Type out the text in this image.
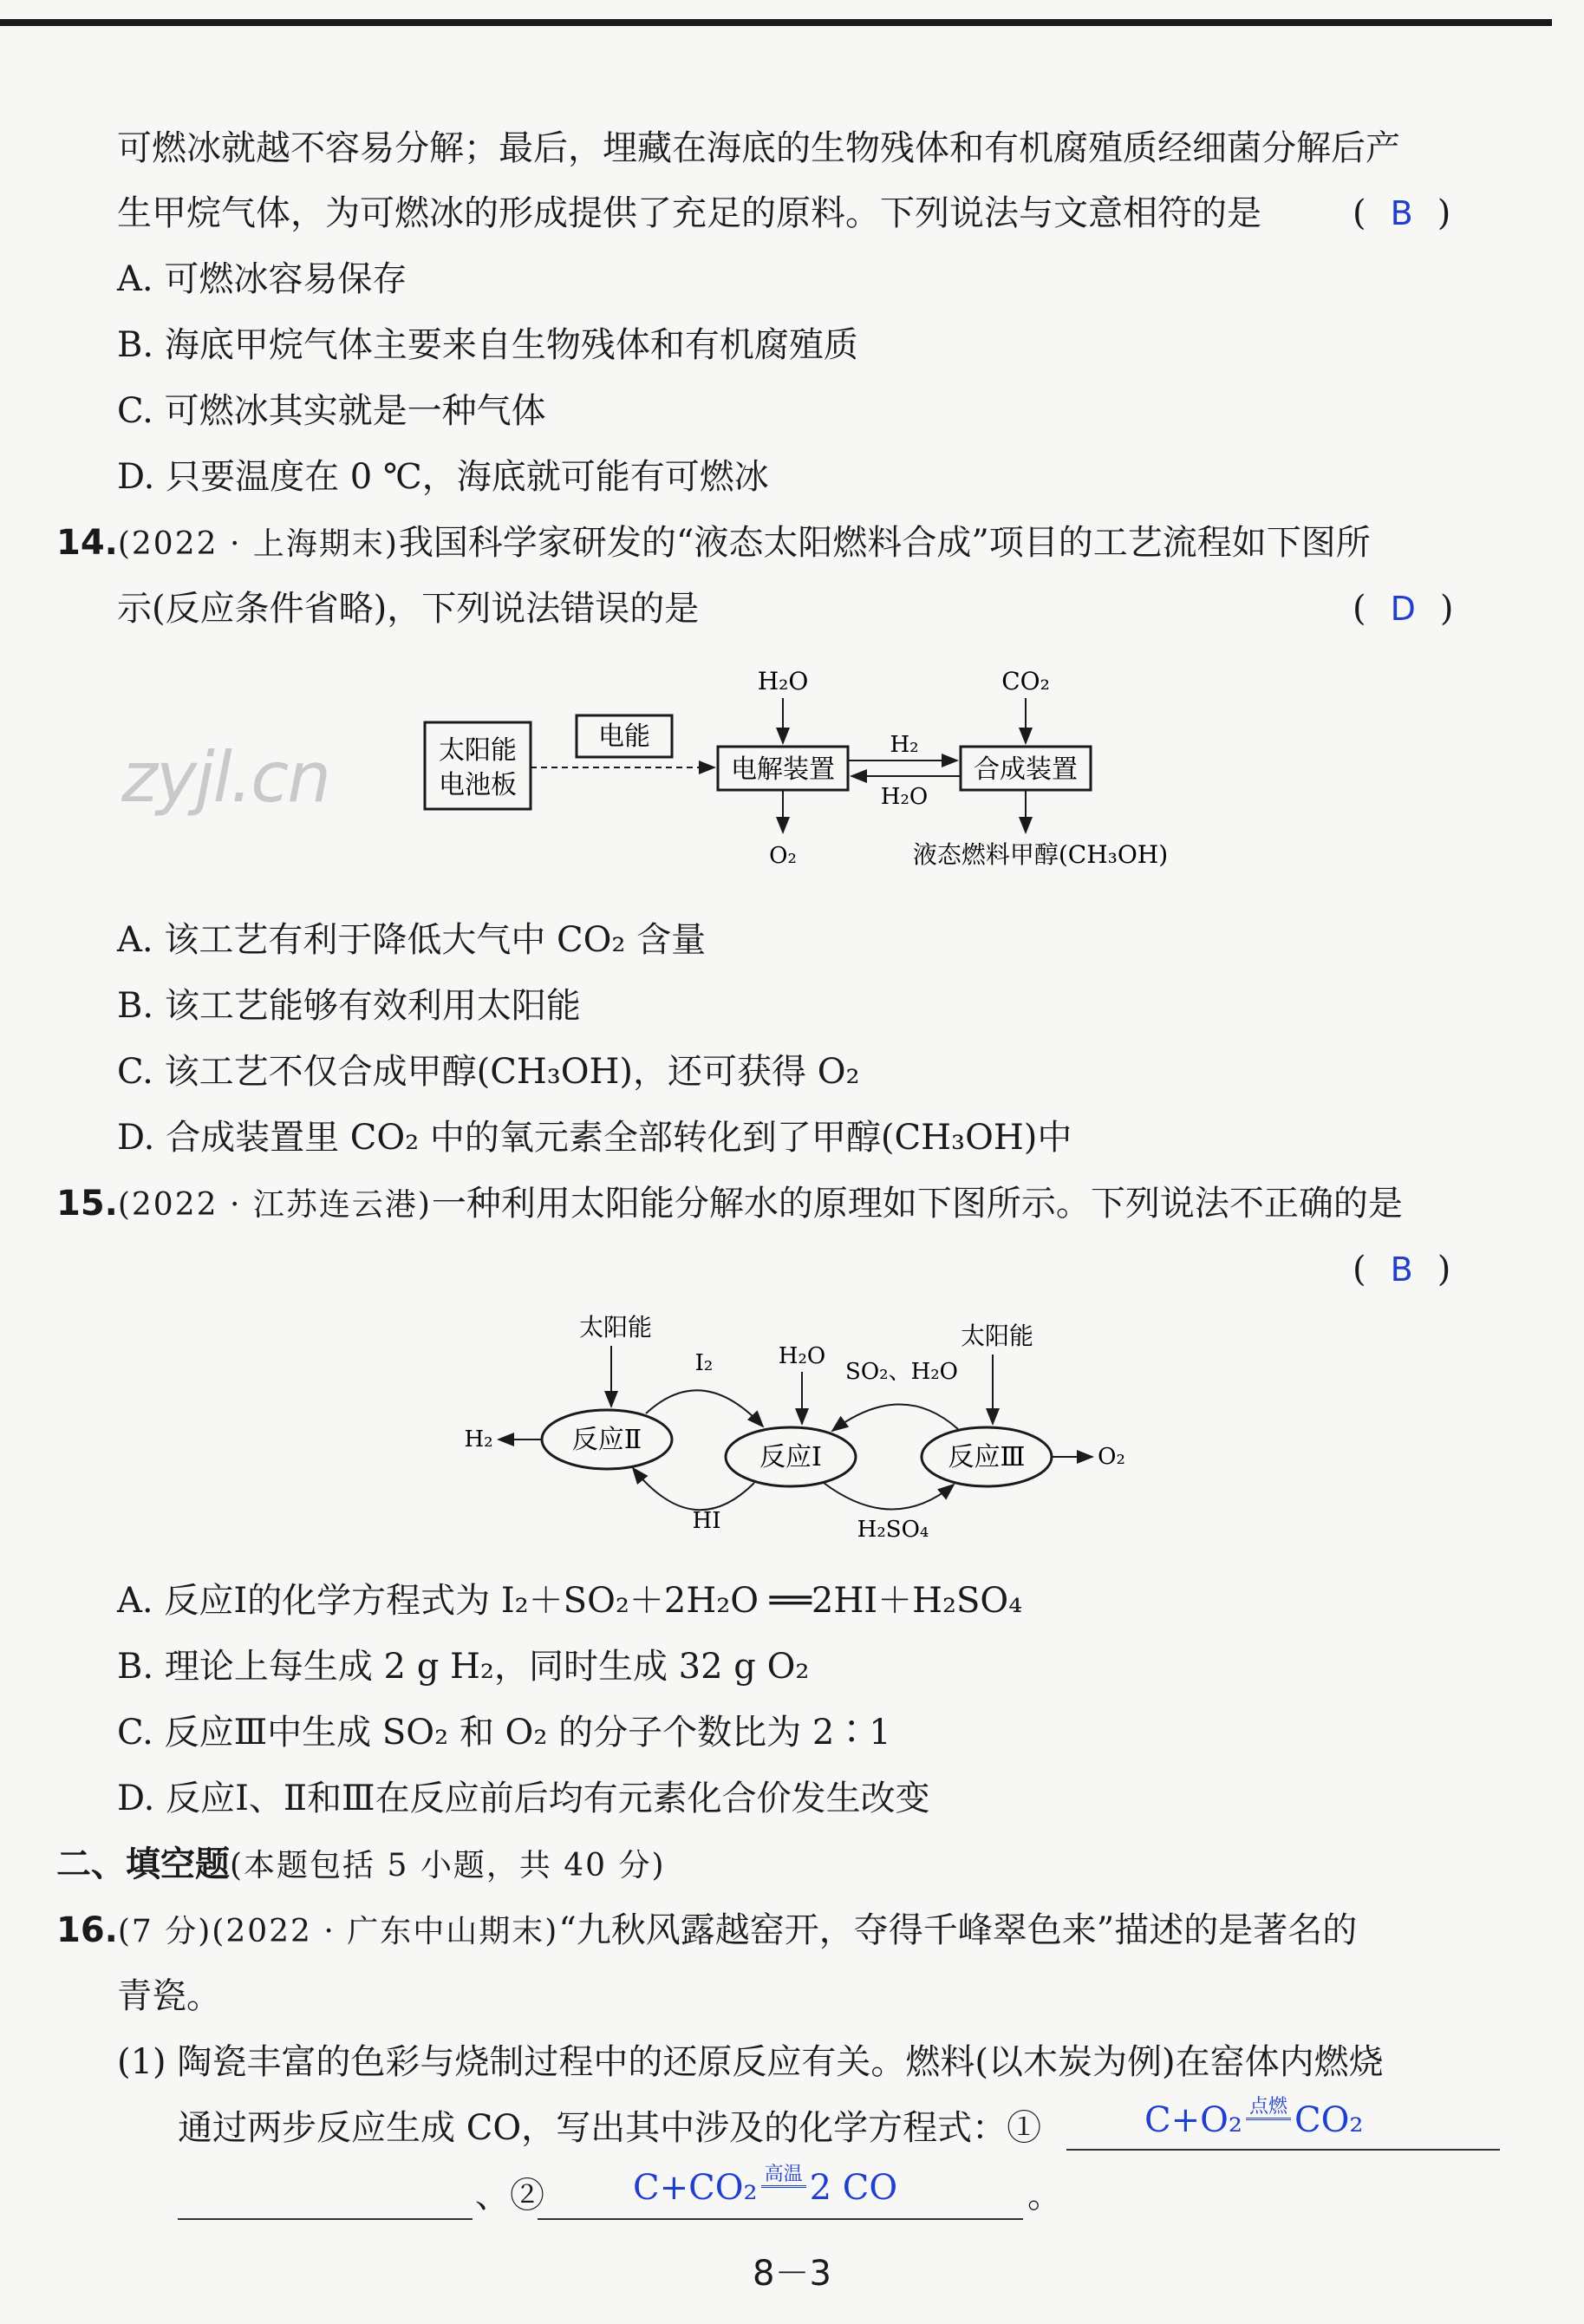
可燃冰就越不容易分解；最后，埋藏在海底的生物残体和有机腐殖质经细菌分解后产
生甲烷气体，为可燃冰的形成提供了充足的原料。下列说法与文意相符的是	( B )
A. 可燃冰容易保存
B. 海底甲烷气体主要来自生物残体和有机腐殖质
C. 可燃冰其实就是一种气体
D. 只要温度在 0 ℃，海底就可能有可燃冰
14.(2022 · 上海期末)我国科学家研发的“液态太阳燃料合成”项目的工艺流程如下图所
示(反应条件省略)，下列说法错误的是	( D )
zyjl.cn	太阳能
电池板
电能
电解装置	合成装置
H₂O	CO₂
H₂
H₂O
O₂	液态燃料甲醇(CH₃OH)
A. 该工艺有利于降低大气中 CO₂ 含量
B. 该工艺能够有效利用太阳能
C. 该工艺不仅合成甲醇(CH₃OH)，还可获得 O₂
D. 合成装置里 CO₂ 中的氧元素全部转化到了甲醇(CH₃OH)中
15.(2022 · 江苏连云港)一种利用太阳能分解水的原理如下图所示。下列说法不正确的是
( B )
反应Ⅱ
反应Ⅰ	反应Ⅲ
太阳能	太阳能
H₂
O₂
I₂	H₂O
SO₂、H₂O
HI	H₂SO₄
A. 反应Ⅰ的化学方程式为 I₂＋SO₂＋2H₂O ══2HI＋H₂SO₄
B. 理论上每生成 2 g H₂，同时生成 32 g O₂
C. 反应Ⅲ中生成 SO₂ 和 O₂ 的分子个数比为 2∶1
D. 反应Ⅰ、Ⅱ和Ⅲ在反应前后均有元素化合价发生改变
二、填空题(本题包括 5 小题，共 40 分)
16.(7 分)(2022 · 广东中山期末)“九秋风露越窑开，夺得千峰翠色来”描述的是著名的
青瓷。
(1) 陶瓷丰富的色彩与烧制过程中的还原反应有关。燃料(以木炭为例)在窑体内燃烧
通过两步反应生成 CO，写出其中涉及的化学方程式：①	C+O₂ 点燃 CO₂
、②	C+CO₂ 高温 2 CO	。
8－3
